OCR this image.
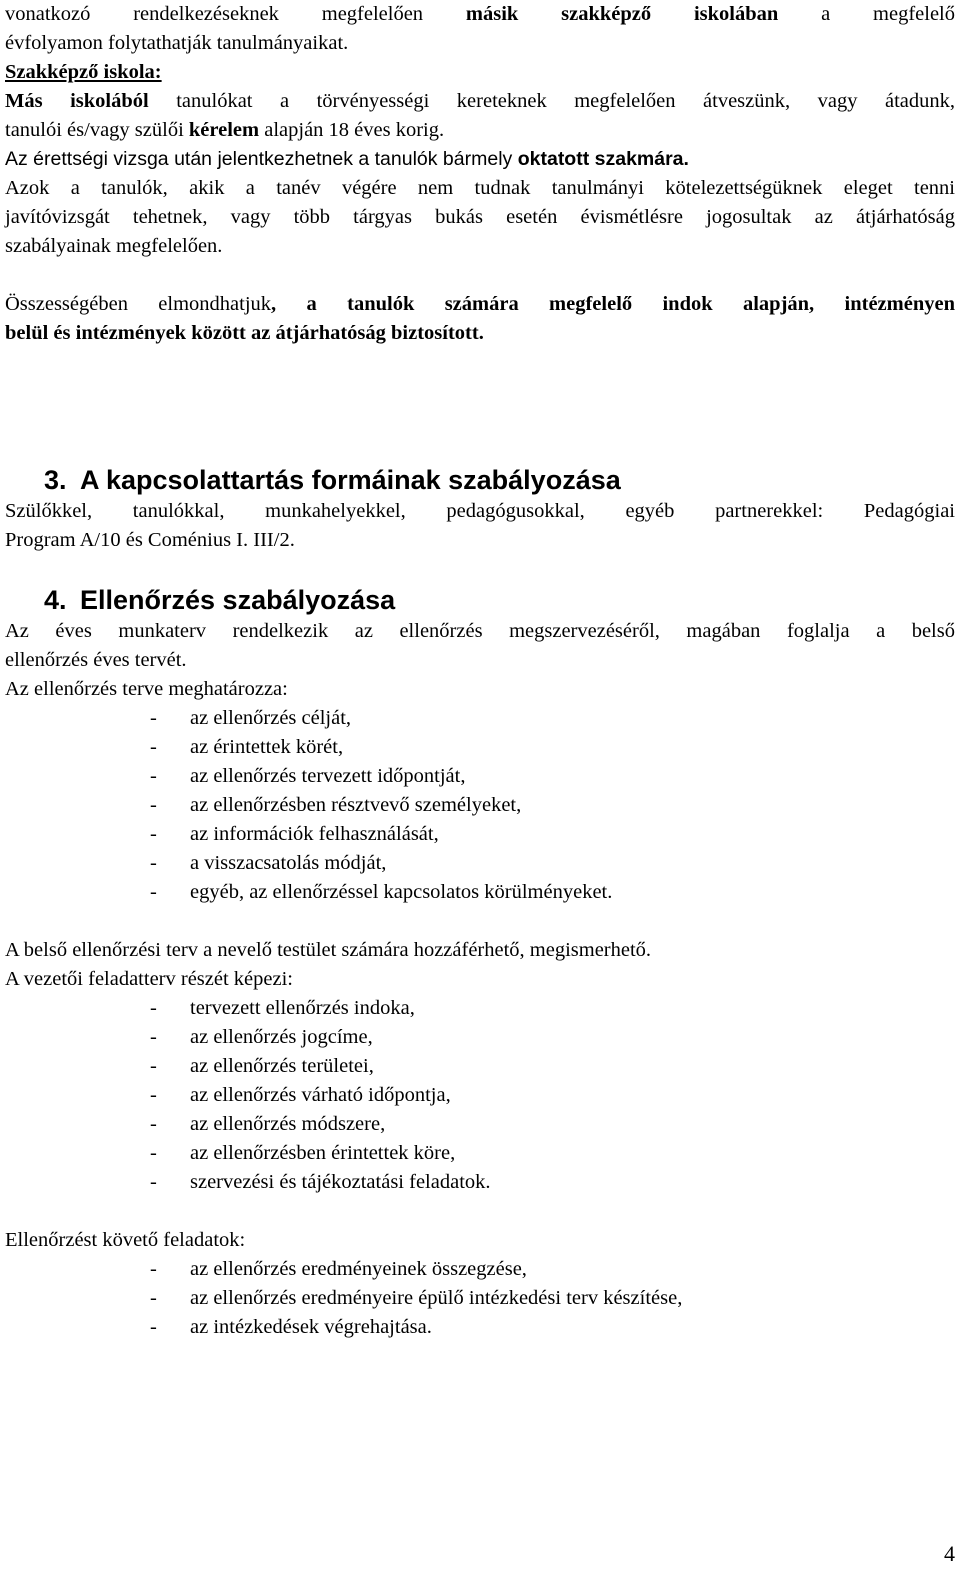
vonatkozó rendelkezéseknek megfelelően másik szakképző iskolában a megfelelő
évfolyamon folytathatják tanulmányaikat.
Szakképző iskola:
Más iskolából tanulókat a törvényességi kereteknek megfelelően átveszünk, vagy átadunk,
tanulói és/vagy szülői kérelem alapján 18 éves korig.
Az érettségi vizsga után jelentkezhetnek a tanulók bármely oktatott szakmára.
Azok a tanulók, akik a tanév végére nem tudnak tanulmányi kötelezettségüknek eleget tenni
javítóvizsgát tehetnek, vagy több tárgyas bukás esetén évismétlésre jogosultak az átjárhatóság
szabályainak megfelelően.
Összességében elmondhatjuk, a tanulók számára megfelelő indok alapján, intézményen
belül és intézmények között az átjárhatóság biztosított.
3. A kapcsolattartás formáinak szabályozása
Szülőkkel, tanulókkal, munkahelyekkel, pedagógusokkal, egyéb partnerekkel: Pedagógiai
Program A/10 és Coménius I. III/2.
4. Ellenőrzés szabályozása
Az éves munkaterv rendelkezik az ellenőrzés megszervezéséről, magában foglalja a belső
ellenőrzés éves tervét.
Az ellenőrzés terve meghatározza:
- az ellenőrzés célját,
- az érintettek körét,
- az ellenőrzés tervezett időpontját,
- az ellenőrzésben résztvevő személyeket,
- az információk felhasználását,
- a visszacsatolás módját,
- egyéb, az ellenőrzéssel kapcsolatos körülményeket.
A belső ellenőrzési terv a nevelő testület számára hozzáférhető, megismerhető.
A vezetői feladatterv részét képezi:
- tervezett ellenőrzés indoka,
- az ellenőrzés jogcíme,
- az ellenőrzés területei,
- az ellenőrzés várható időpontja,
- az ellenőrzés módszere,
- az ellenőrzésben érintettek köre,
- szervezési és tájékoztatási feladatok.
Ellenőrzést követő feladatok:
- az ellenőrzés eredményeinek összegzése,
- az ellenőrzés eredményeire épülő intézkedési terv készítése,
- az intézkedések végrehajtása.
4
